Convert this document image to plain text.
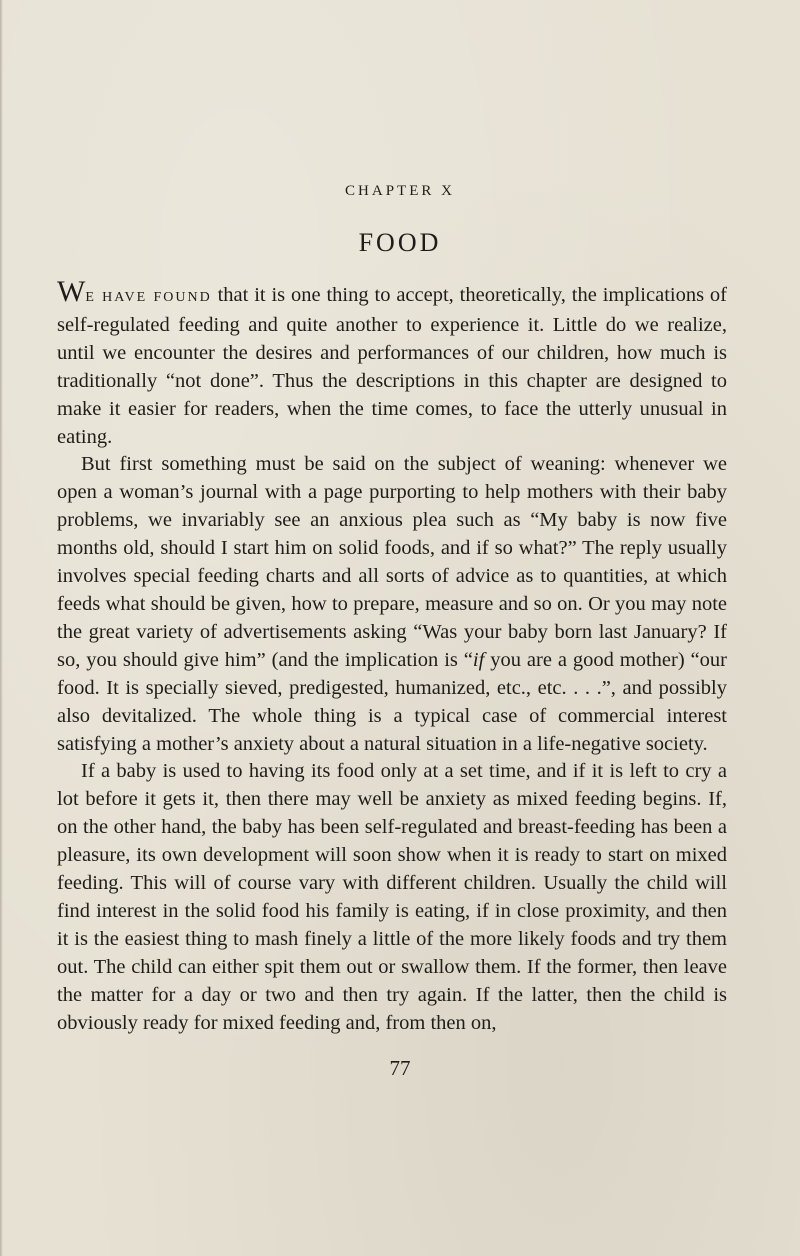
CHAPTER X
FOOD

WE HAVE FOUND that it is one thing to accept, theoretically, the implications of self-regulated feeding and quite another to experience it. Little do we realize, until we encounter the desires and performances of our children, how much is traditionally “not done”. Thus the descriptions in this chapter are designed to make it easier for readers, when the time comes, to face the utterly unusual in eating.

But first something must be said on the subject of weaning: whenever we open a woman’s journal with a page purporting to help mothers with their baby problems, we invariably see an anxious plea such as “My baby is now five months old, should I start him on solid foods, and if so what?” The reply usually involves special feeding charts and all sorts of advice as to quantities, at which feeds what should be given, how to prepare, measure and so on. Or you may note the great variety of advertisements asking “Was your baby born last January? If so, you should give him” (and the implication is “if you are a good mother) “our food. It is specially sieved, predigested, humanized, etc., etc. . . .”, and possibly also devitalized. The whole thing is a typical case of commercial interest satisfying a mother’s anxiety about a natural situation in a life-negative society.

If a baby is used to having its food only at a set time, and if it is left to cry a lot before it gets it, then there may well be anxiety as mixed feeding begins. If, on the other hand, the baby has been self-regulated and breast-feeding has been a pleasure, its own development will soon show when it is ready to start on mixed feeding. This will of course vary with different children. Usually the child will find interest in the solid food his family is eating, if in close proximity, and then it is the easiest thing to mash finely a little of the more likely foods and try them out. The child can either spit them out or swallow them. If the former, then leave the matter for a day or two and then try again. If the latter, then the child is obviously ready for mixed feeding and, from then on,

77
